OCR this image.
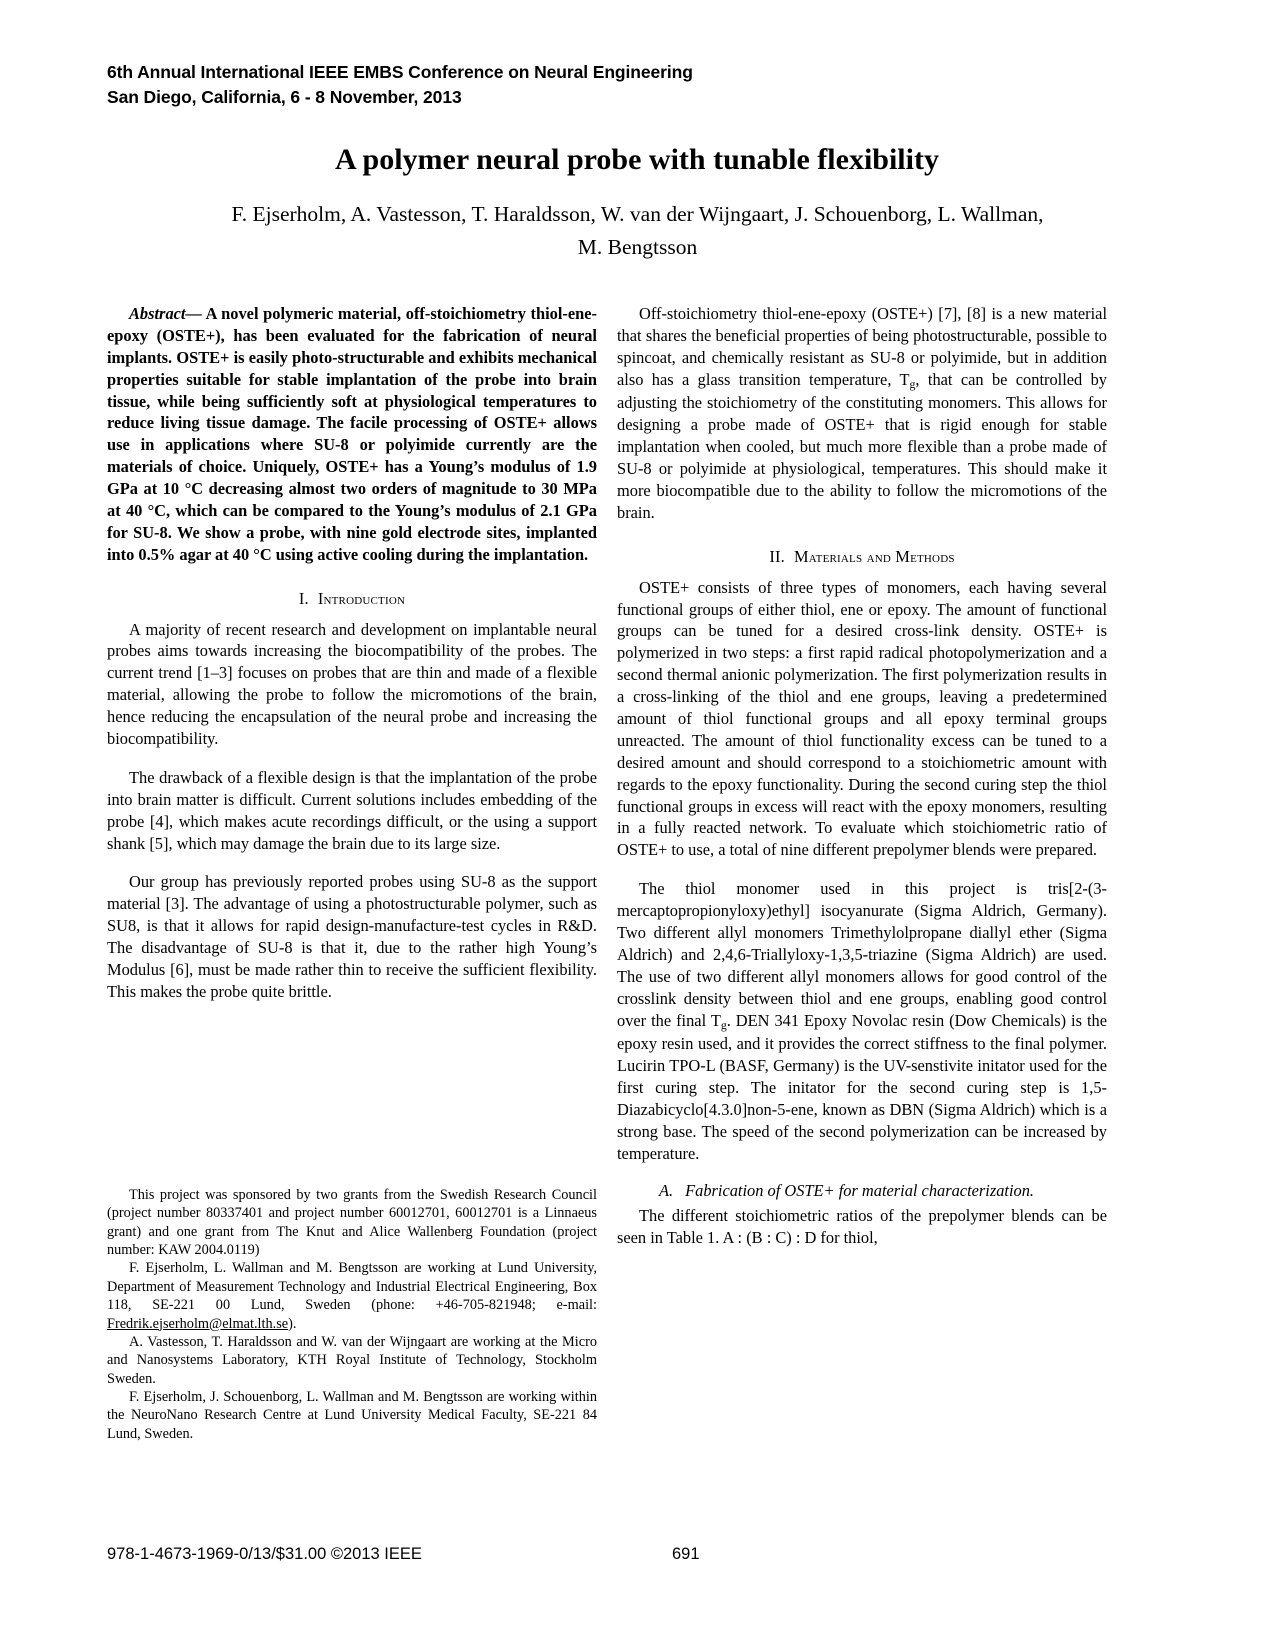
6th Annual International IEEE EMBS Conference on Neural Engineering
San Diego, California, 6 - 8 November, 2013
A polymer neural probe with tunable flexibility
F. Ejserholm, A. Vastesson, T. Haraldsson, W. van der Wijngaart, J. Schouenborg, L. Wallman,
M. Bengtsson

Abstract— A novel polymeric material, off-stoichiometry thiol-ene-epoxy (OSTE+), has been evaluated for the fabrication of neural implants. OSTE+ is easily photo-structurable and exhibits mechanical properties suitable for stable implantation of the probe into brain tissue, while being sufficiently soft at physiological temperatures to reduce living tissue damage. The facile processing of OSTE+ allows use in applications where SU-8 or polyimide currently are the materials of choice. Uniquely, OSTE+ has a Young’s modulus of 1.9 GPa at 10 °C decreasing almost two orders of magnitude to 30 MPa at 40 °C, which can be compared to the Young’s modulus of 2.1 GPa for SU-8. We show a probe, with nine gold electrode sites, implanted into 0.5% agar at 40 °C using active cooling during the implantation.

I. Introduction

A majority of recent research and development on implantable neural probes aims towards increasing the biocompatibility of the probes. The current trend [1–3] focuses on probes that are thin and made of a flexible material, allowing the probe to follow the micromotions of the brain, hence reducing the encapsulation of the neural probe and increasing the biocompatibility.

The drawback of a flexible design is that the implantation of the probe into brain matter is difficult. Current solutions includes embedding of the probe [4], which makes acute recordings difficult, or the using a support shank [5], which may damage the brain due to its large size.

Our group has previously reported probes using SU-8 as the support material [3]. The advantage of using a photostructurable polymer, such as SU8, is that it allows for rapid design-manufacture-test cycles in R&D. The disadvantage of SU-8 is that it, due to the rather high Young’s Modulus [6], must be made rather thin to receive the sufficient flexibility. This makes the probe quite brittle.

Off-stoichiometry thiol-ene-epoxy (OSTE+) [7], [8] is a new material that shares the beneficial properties of being photostructurable, possible to spincoat, and chemically resistant as SU-8 or polyimide, but in addition also has a glass transition temperature, $T_g$, that can be controlled by adjusting the stoichiometry of the constituting monomers. This allows for designing a probe made of OSTE+ that is rigid enough for stable implantation when cooled, but much more flexible than a probe made of SU-8 or polyimide at physiological, temperatures. This should make it more biocompatible due to the ability to follow the micromotions of the brain.

II. Materials and Methods

OSTE+ consists of three types of monomers, each having several functional groups of either thiol, ene or epoxy. The amount of functional groups can be tuned for a desired cross-link density. OSTE+ is polymerized in two steps: a first rapid radical photopolymerization and a second thermal anionic polymerization. The first polymerization results in a cross-linking of the thiol and ene groups, leaving a predetermined amount of thiol functional groups and all epoxy terminal groups unreacted. The amount of thiol functionality excess can be tuned to a desired amount and should correspond to a stoichiometric amount with regards to the epoxy functionality. During the second curing step the thiol functional groups in excess will react with the epoxy monomers, resulting in a fully reacted network. To evaluate which stoichiometric ratio of OSTE+ to use, a total of nine different prepolymer blends were prepared.

The thiol monomer used in this project is tris[2-(3-mercaptopropionyloxy)ethyl] isocyanurate (Sigma Aldrich, Germany). Two different allyl monomers Trimethylolpropane diallyl ether (Sigma Aldrich) and 2,4,6-Triallyloxy-1,3,5-triazine (Sigma Aldrich) are used. The use of two different allyl monomers allows for good control of the crosslink density between thiol and ene groups, enabling good control over the final $T_g$. DEN 341 Epoxy Novolac resin (Dow Chemicals) is the epoxy resin used, and it provides the correct stiffness to the final polymer. Lucirin TPO-L (BASF, Germany) is the UV-senstivite initator used for the first curing step. The initator for the second curing step is 1,5-Diazabicyclo[4.3.0]non-5-ene, known as DBN (Sigma Aldrich) which is a strong base. The speed of the second polymerization can be increased by temperature.

A. Fabrication of OSTE+ for material characterization.

The different stoichiometric ratios of the prepolymer blends can be seen in Table 1. A : (B : C) : D for thiol,

This project was sponsored by two grants from the Swedish Research Council (project number 80337401 and project number 60012701, 60012701 is a Linnaeus grant) and one grant from The Knut and Alice Wallenberg Foundation (project number: KAW 2004.0119)

F. Ejserholm, L. Wallman and M. Bengtsson are working at Lund University, Department of Measurement Technology and Industrial Electrical Engineering, Box 118, SE-221 00 Lund, Sweden (phone: +46-705-821948; e-mail: Fredrik.ejserholm@elmat.lth.se).

A. Vastesson, T. Haraldsson and W. van der Wijngaart are working at the Micro and Nanosystems Laboratory, KTH Royal Institute of Technology, Stockholm Sweden.

F. Ejserholm, J. Schouenborg, L. Wallman and M. Bengtsson are working within the NeuroNano Research Centre at Lund University Medical Faculty, SE-221 84 Lund, Sweden.

978-1-4673-1969-0/13/$31.00 ©2013 IEEE	691
